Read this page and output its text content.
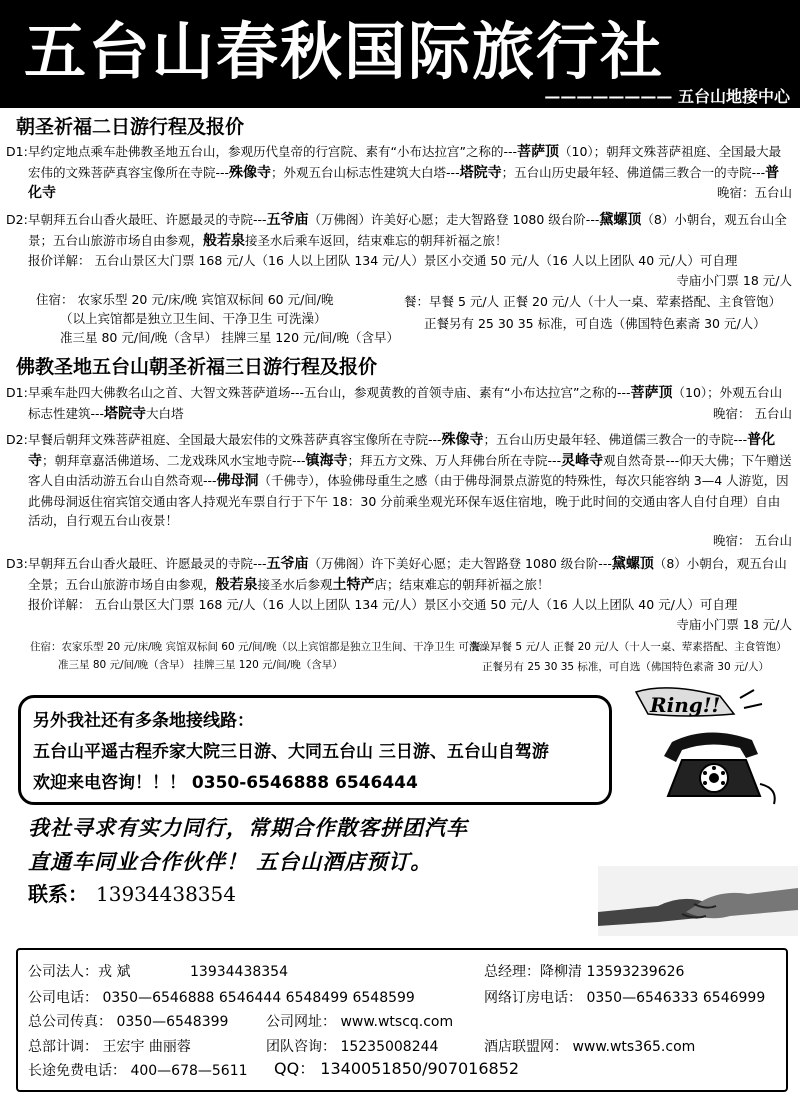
五台山春秋国际旅行社
———————— 五台山地接中心
朝圣祈福二日游行程及报价
D1: 早约定地点乘车赴佛教圣地五台山，参观历代皇帝的行宫院、素有“小布达拉宫”之称的---菩萨顶（10）；朝拜文殊菩萨祖庭、全国最大最宏伟的文殊菩萨真容宝像所在寺院---殊像寺；外观五台山标志性建筑大白塔---塔院寺；五台山历史最年轻、佛道儒三教合一的寺院---普化寺	晚宿：五台山
D2: 早朝拜五台山香火最旺、许愿最灵的寺院---五爷庙（万佛阁）许美好心愿；走大智路登 1080 级台阶---黛螺顶（8）小朝台，观五台山全景；五台山旅游市场自由参观，般若泉接圣水后乘车返回，结束难忘的朝拜祈福之旅！
报价详解： 五台山景区大门票 168 元/人（16 人以上团队 134 元/人）景区小交通 50 元/人（16 人以上团队 40 元/人）可自理
寺庙小门票 18 元/人
住宿： 农家乐型 20 元/床/晚 宾馆双标间 60 元/间/晚
（以上宾馆都是独立卫生间、干净卫生 可洗澡）
准三星 80 元/间/晚（含早） 挂牌三星 120 元/间/晚（含早）
餐：早餐 5 元/人 正餐 20 元/人（十人一桌、荤素搭配、主食管饱）
正餐另有 25 30 35 标准，可自选（佛国特色素斋 30 元/人）
佛教圣地五台山朝圣祈福三日游行程及报价
D1: 早乘车赴四大佛教名山之首、大智文殊菩萨道场---五台山，参观黄教的首领寺庙、素有“小布达拉宫”之称的---菩萨顶（10）；外观五台山标志性建筑---塔院寺大白塔	晚宿： 五台山
D2: 早餐后朝拜文殊菩萨祖庭、全国最大最宏伟的文殊菩萨真容宝像所在寺院---殊像寺；五台山历史最年轻、佛道儒三教合一的寺院---普化寺；朝拜章嘉活佛道场、二龙戏珠风水宝地寺院---镇海寺；拜五方文殊、万人拜佛台所在寺院---灵峰寺观自然奇景---仰天大佛；下午赠送客人自由活动游五台山自然奇观---佛母洞（千佛寺），体验佛母重生之感（由于佛母洞景点游览的特殊性，每次只能容纳 3—4 人游览，因此佛母洞返住宿宾馆交通由客人持观光车票自行于下午 18：30 分前乘坐观光环保车返住宿地，晚于此时间的交通由客人自付自理）自由活动，自行观五台山夜景！
晚宿： 五台山
D3: 早朝拜五台山香火最旺、许愿最灵的寺院---五爷庙（万佛阁）许下美好心愿；走大智路登 1080 级台阶---黛螺顶（8）小朝台，观五台山全景；五台山旅游市场自由参观，般若泉接圣水后参观土特产店；结束难忘的朝拜祈福之旅！
报价详解： 五台山景区大门票 168 元/人（16 人以上团队 134 元/人）景区小交通 50 元/人（16 人以上团队 40 元/人）可自理
寺庙小门票 18 元/人
住宿：农家乐型 20 元/床/晚 宾馆双标间 60 元/间/晚（以上宾馆都是独立卫生间、干净卫生 可洗澡）
准三星 80 元/间/晚（含早） 挂牌三星 120 元/间/晚（含早）
餐：早餐 5 元/人 正餐 20 元/人（十人一桌、荤素搭配、主食管饱）
正餐另有 25 30 35 标准，可自选（佛国特色素斋 30 元/人）
另外我社还有多条地接线路：
五台山平遥古程乔家大院三日游、大同五台山 三日游、五台山自驾游
欢迎来电咨询！！！ 0350-6546888 6546444
Ring!!
我社寻求有实力同行，常期合作散客拼团汽车
直通车同业合作伙伴！ 五台山酒店预订。
联系： 13934438354
公司法人：戎 斌	13934438354	总经理：降柳清 13593239626
公司电话： 0350—6546888 6546444 6548499 6548599	网络订房电话： 0350—6546333 6546999
总公司传真： 0350—6548399	公司网址： www.wtscq.com
总部计调： 王宏宇 曲丽蓉	团队咨询： 15235008244	酒店联盟网： www.wts365.com
长途免费电话： 400—678—5611 QQ： 1340051850/907016852
